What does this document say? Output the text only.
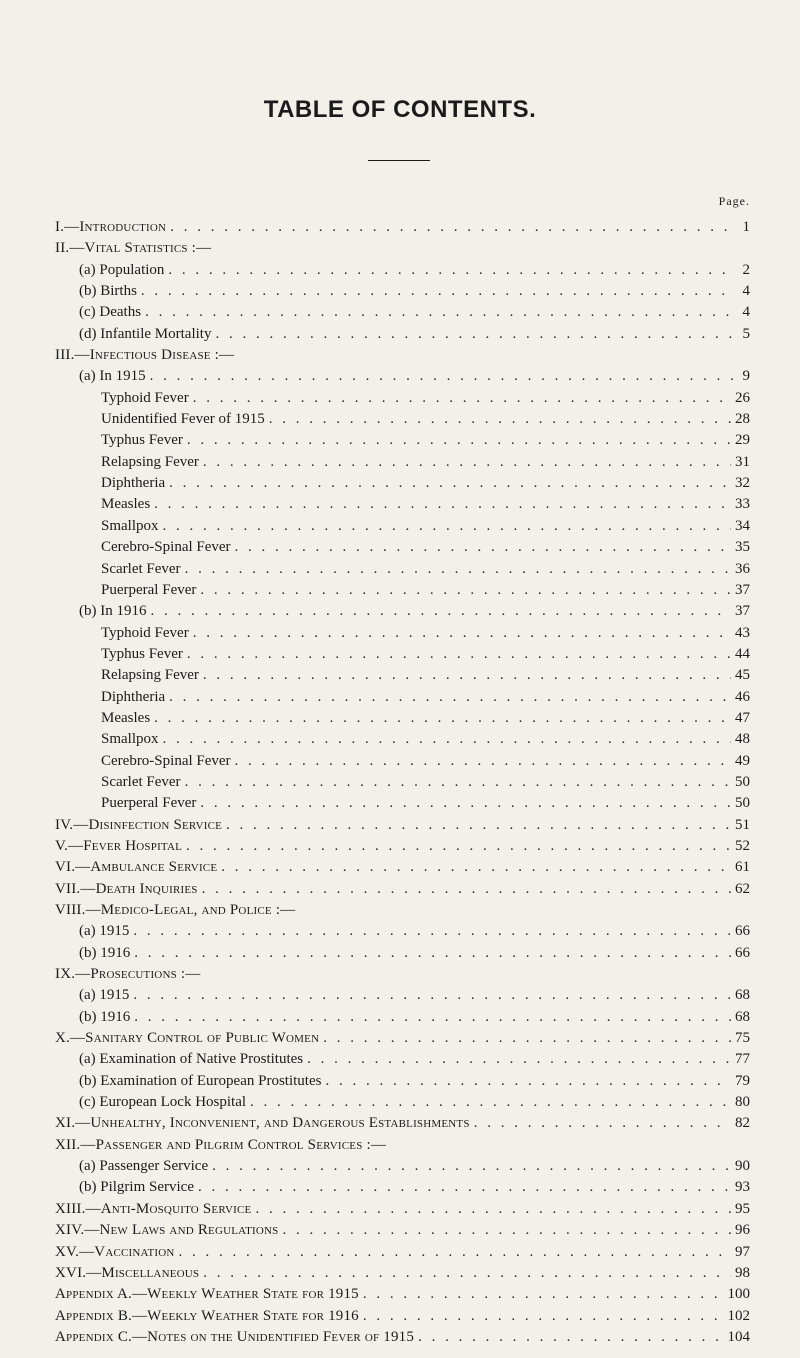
TABLE OF CONTENTS.
Page.
I.—Introduction . . .	1
II.—Vital Statistics :—
(a) Population . . .	2
(b) Births . . .	4
(c) Deaths . . .	4
(d) Infantile Mortality . . .	5
III.—Infectious Disease :—
(a) In 1915 . . .	9
Typhoid Fever . . .	26
Unidentified Fever of 1915 . . .	28
Typhus Fever . . .	29
Relapsing Fever . . .	31
Diphtheria . . .	32
Measles . . .	33
Smallpox . . .	34
Cerebro-Spinal Fever . . .	35
Scarlet Fever . . .	36
Puerperal Fever . . .	37
(b) In 1916 . . .	37
Typhoid Fever . . .	43
Typhus Fever . . .	44
Relapsing Fever . . .	45
Diphtheria . . .	46
Measles . . .	47
Smallpox . . .	48
Cerebro-Spinal Fever . . .	49
Scarlet Fever . . .	50
Puerperal Fever . . .	50
IV.—Disinfection Service . . .	51
V.—Fever Hospital . . .	52
VI.—Ambulance Service . . .	61
VII.—Death Inquiries . . .	62
VIII.—Medico-Legal, and Police :—
(a) 1915 . . .	66
(b) 1916 . . .	66
IX.—Prosecutions :—
(a) 1915 . . .	68
(b) 1916 . . .	68
X.—Sanitary Control of Public Women . . .	75
(a) Examination of Native Prostitutes . . .	77
(b) Examination of European Prostitutes . . .	79
(c) European Lock Hospital . . .	80
XI.—Unhealthy, Inconvenient, and Dangerous Establishments . . .	82
XII.—Passenger and Pilgrim Control Services :—
(a) Passenger Service . . .	90
(b) Pilgrim Service . . .	93
XIII.—Anti-Mosquito Service . . .	95
XIV.—New Laws and Regulations . . .	96
XV.—Vaccination . . .	97
XVI.—Miscellaneous . . .	98
Appendix A.—Weekly Weather State for 1915 . . .	100
Appendix B.—Weekly Weather State for 1916 . . .	102
Appendix C.—Notes on the Unidentified Fever of 1915 . . .	104
